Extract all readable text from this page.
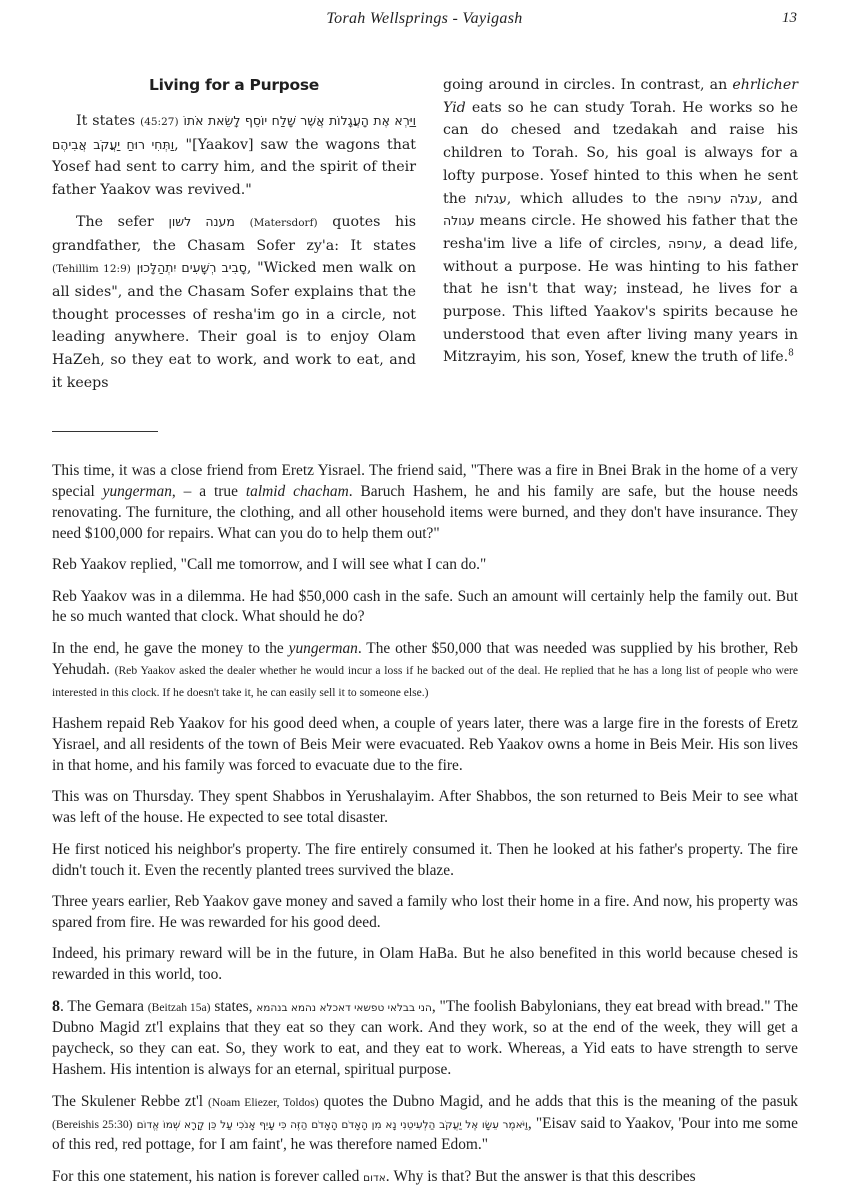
Torah Wellsprings - Vayigash	13
Living for a Purpose

It states (45:27) וַיַּרְא אֶת הָעֲגָלוֹת אֲשֶׁר שָׁלַח יוֹסֵף לָשֵׂאת אֹתוֹ וַתְּחִי רוּחַ יַעֲקֹב אֲבִיהֶם, "[Yaakov] saw the wagons that Yosef had sent to carry him, and the spirit of their father Yaakov was revived."

The sefer מענה לשון (Matersdorf) quotes his grandfather, the Chasam Sofer zy'a: It states (Tehillim 12:9) סָבִיב רְשָׁעִים יִתְהַלָּכוּן, "Wicked men walk on all sides", and the Chasam Sofer explains that the thought processes of resha'im go in a circle, not leading anywhere. Their goal is to enjoy Olam HaZeh, so they eat to work, and work to eat, and it keeps

going around in circles. In contrast, an ehrlicher Yid eats so he can study Torah. He works so he can do chesed and tzedakah and raise his children to Torah. So, his goal is always for a lofty purpose. Yosef hinted to this when he sent the עגלות, which alludes to the עגלה ערופה, and עגולה means circle. He showed his father that the resha'im live a life of circles, ערופה, a dead life, without a purpose. He was hinting to his father that he isn't that way; instead, he lives for a purpose. This lifted Yaakov's spirits because he understood that even after living many years in Mitzrayim, his son, Yosef, knew the truth of life.$^8$

This time, it was a close friend from Eretz Yisrael. The friend said, "There was a fire in Bnei Brak in the home of a very special yungerman, – a true talmid chacham. Baruch Hashem, he and his family are safe, but the house needs renovating. The furniture, the clothing, and all other household items were burned, and they don't have insurance. They need $100,000 for repairs. What can you do to help them out?"

Reb Yaakov replied, "Call me tomorrow, and I will see what I can do."

Reb Yaakov was in a dilemma. He had $50,000 cash in the safe. Such an amount will certainly help the family out. But he so much wanted that clock. What should he do?

In the end, he gave the money to the yungerman. The other $50,000 that was needed was supplied by his brother, Reb Yehudah. (Reb Yaakov asked the dealer whether he would incur a loss if he backed out of the deal. He replied that he has a long list of people who were interested in this clock. If he doesn't take it, he can easily sell it to someone else.)

Hashem repaid Reb Yaakov for his good deed when, a couple of years later, there was a large fire in the forests of Eretz Yisrael, and all residents of the town of Beis Meir were evacuated. Reb Yaakov owns a home in Beis Meir. His son lives in that home, and his family was forced to evacuate due to the fire.

This was on Thursday. They spent Shabbos in Yerushalayim. After Shabbos, the son returned to Beis Meir to see what was left of the house. He expected to see total disaster.

He first noticed his neighbor's property. The fire entirely consumed it. Then he looked at his father's property. The fire didn't touch it. Even the recently planted trees survived the blaze.

Three years earlier, Reb Yaakov gave money and saved a family who lost their home in a fire. And now, his property was spared from fire. He was rewarded for his good deed.

Indeed, his primary reward will be in the future, in Olam HaBa. But he also benefited in this world because chesed is rewarded in this world, too.

8. The Gemara (Beitzah 15a) states, הני בבלאי טפשאי דאכלא נהמא בנהמא, "The foolish Babylonians, they eat bread with bread." The Dubno Magid zt'l explains that they eat so they can work. And they work, so at the end of the week, they will get a paycheck, so they can eat. So, they work to eat, and they eat to work. Whereas, a Yid eats to have strength to serve Hashem. His intention is always for an eternal, spiritual purpose.

The Skulener Rebbe zt'l (Noam Eliezer, Toldos) quotes the Dubno Magid, and he adds that this is the meaning of the pasuk (Bereishis 25:30) וַיֹּאמֶר עֵשָׂו אֶל יַעֲקֹב הַלְעִיטֵנִי נָא מִן הָאָדֹם הָאָדֹם הַזֶּה כִּי עָיֵף אָנֹכִי עַל כֵּן קָרָא שְׁמוֹ אֱדוֹם, "Eisav said to Yaakov, 'Pour into me some of this red, red pottage, for I am faint', he was therefore named Edom."

For this one statement, his nation is forever called אדום. Why is that? But the answer is that this describes
